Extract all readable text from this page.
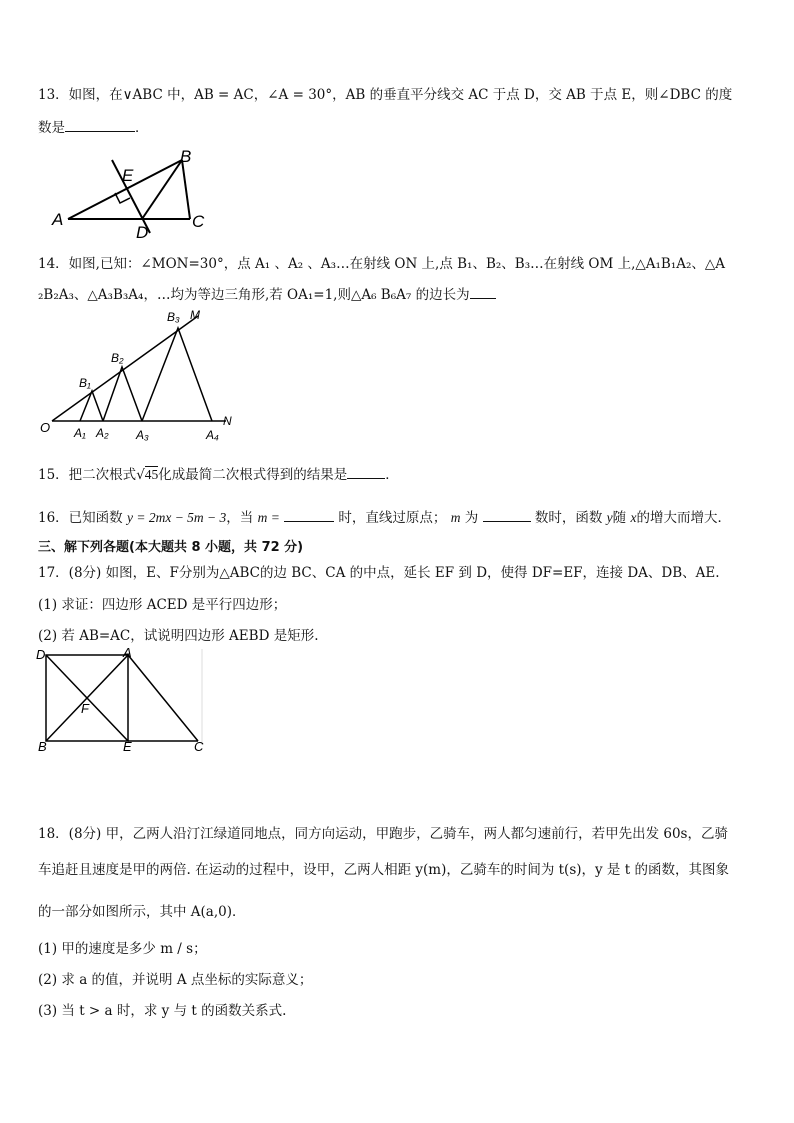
13．如图，在∨ABC 中，AB = AC，∠A = 30°，AB 的垂直平分线交 AC 于点 D，交 AB 于点 E，则∠DBC 的度
数是	．
A
B
C
D
E
14．如图,已知：∠MON=30°，点 A₁ 、A₂ 、A₃…在射线 ON 上,点 B₁、B₂、B₃…在射线 OM 上,△A₁B₁A₂、△A
₂B₂A₃、△A₃B₃A₄，…均为等边三角形,若 OA₁=1,则△A₆ B₆A₇ 的边长为
O
M
N
A₁ A₂ A₃	A₄
B₁
B₂
B₃
15．把二次根式√45化成最简二次根式得到的结果是	．
16．已知函数 y = 2mx − 5m − 3，当 m =	时，直线过原点； m 为	数时，函数 y随 x的增大而增大．
三、解下列各题(本大题共 8 小题，共 72 分)
17．(8分) 如图，E、F分别为△ABC的边 BC、CA 的中点，延长 EF 到 D，使得 DF=EF，连接 DA、DB、AE.
(1) 求证：四边形 ACED 是平行四边形；
(2) 若 AB=AC，试说明四边形 AEBD 是矩形.
D	A
F
B	E	C
18．(8分) 甲，乙两人沿汀江绿道同地点，同方向运动，甲跑步，乙骑车，两人都匀速前行，若甲先出发 60s，乙骑
车追赶且速度是甲的两倍. 在运动的过程中，设甲，乙两人相距 y(m)，乙骑车的时间为 t(s)，y 是 t 的函数，其图象
的一部分如图所示，其中 A(a,0)．
(1) 甲的速度是多少 m / s；
(2) 求 a 的值，并说明 A 点坐标的实际意义；
(3) 当 t > a 时，求 y 与 t 的函数关系式.
